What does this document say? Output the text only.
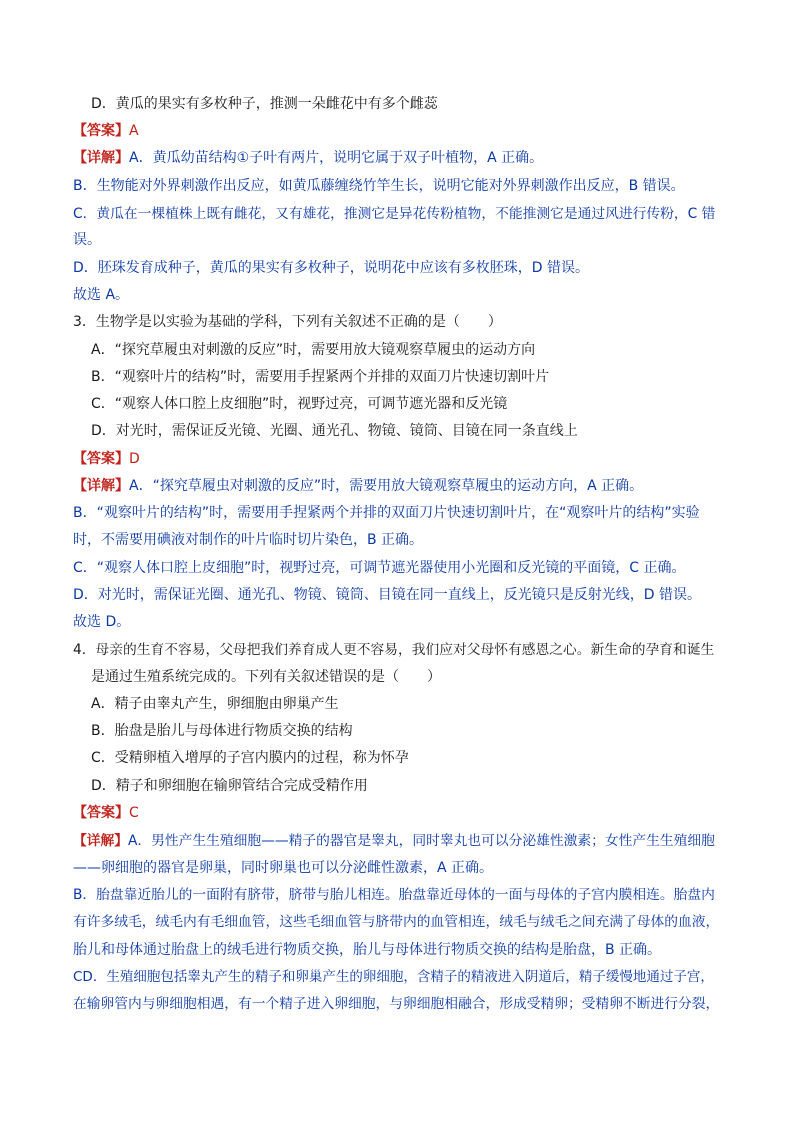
D．黄瓜的果实有多枚种子，推测一朵雌花中有多个雌蕊
【答案】A
【详解】A．黄瓜幼苗结构①子叶有两片，说明它属于双子叶植物，A 正确。
B．生物能对外界刺激作出反应，如黄瓜藤缠绕竹竿生长，说明它能对外界刺激作出反应，B 错误。
C．黄瓜在一棵植株上既有雌花，又有雄花，推测它是异花传粉植物，不能推测它是通过风进行传粉，C 错
误。
D．胚珠发育成种子，黄瓜的果实有多枚种子，说明花中应该有多枚胚珠，D 错误。
故选 A。
3．生物学是以实验为基础的学科，下列有关叙述不正确的是（　　）
A．“探究草履虫对刺激的反应”时，需要用放大镜观察草履虫的运动方向
B．“观察叶片的结构”时，需要用手捏紧两个并排的双面刀片快速切割叶片
C．“观察人体口腔上皮细胞”时，视野过亮，可调节遮光器和反光镜
D．对光时，需保证反光镜、光圈、通光孔、物镜、镜筒、目镜在同一条直线上
【答案】D
【详解】A．“探究草履虫对刺激的反应”时，需要用放大镜观察草履虫的运动方向，A 正确。
B．“观察叶片的结构”时，需要用手捏紧两个并排的双面刀片快速切割叶片，在“观察叶片的结构”实验
时，不需要用碘液对制作的叶片临时切片染色，B 正确。
C．“观察人体口腔上皮细胞”时，视野过亮，可调节遮光器使用小光圈和反光镜的平面镜，C 正确。
D．对光时，需保证光圈、通光孔、物镜、镜筒、目镜在同一直线上，反光镜只是反射光线，D 错误。
故选 D。
4．母亲的生育不容易，父母把我们养育成人更不容易，我们应对父母怀有感恩之心。新生命的孕育和诞生
是通过生殖系统完成的。下列有关叙述错误的是（　　）
A．精子由睾丸产生，卵细胞由卵巢产生
B．胎盘是胎儿与母体进行物质交换的结构
C．受精卵植入增厚的子宫内膜内的过程，称为怀孕
D．精子和卵细胞在输卵管结合完成受精作用
【答案】C
【详解】A．男性产生生殖细胞——精子的器官是睾丸，同时睾丸也可以分泌雄性激素；女性产生生殖细胞
——卵细胞的器官是卵巢，同时卵巢也可以分泌雌性激素，A 正确。
B．胎盘靠近胎儿的一面附有脐带，脐带与胎儿相连。胎盘靠近母体的一面与母体的子宫内膜相连。胎盘内
有许多绒毛，绒毛内有毛细血管，这些毛细血管与脐带内的血管相连，绒毛与绒毛之间充满了母体的血液，
胎儿和母体通过胎盘上的绒毛进行物质交换，胎儿与母体进行物质交换的结构是胎盘，B 正确。
CD．生殖细胞包括睾丸产生的精子和卵巢产生的卵细胞，含精子的精液进入阴道后，精子缓慢地通过子宫，
在输卵管内与卵细胞相遇，有一个精子进入卵细胞，与卵细胞相融合，形成受精卵；受精卵不断进行分裂，
